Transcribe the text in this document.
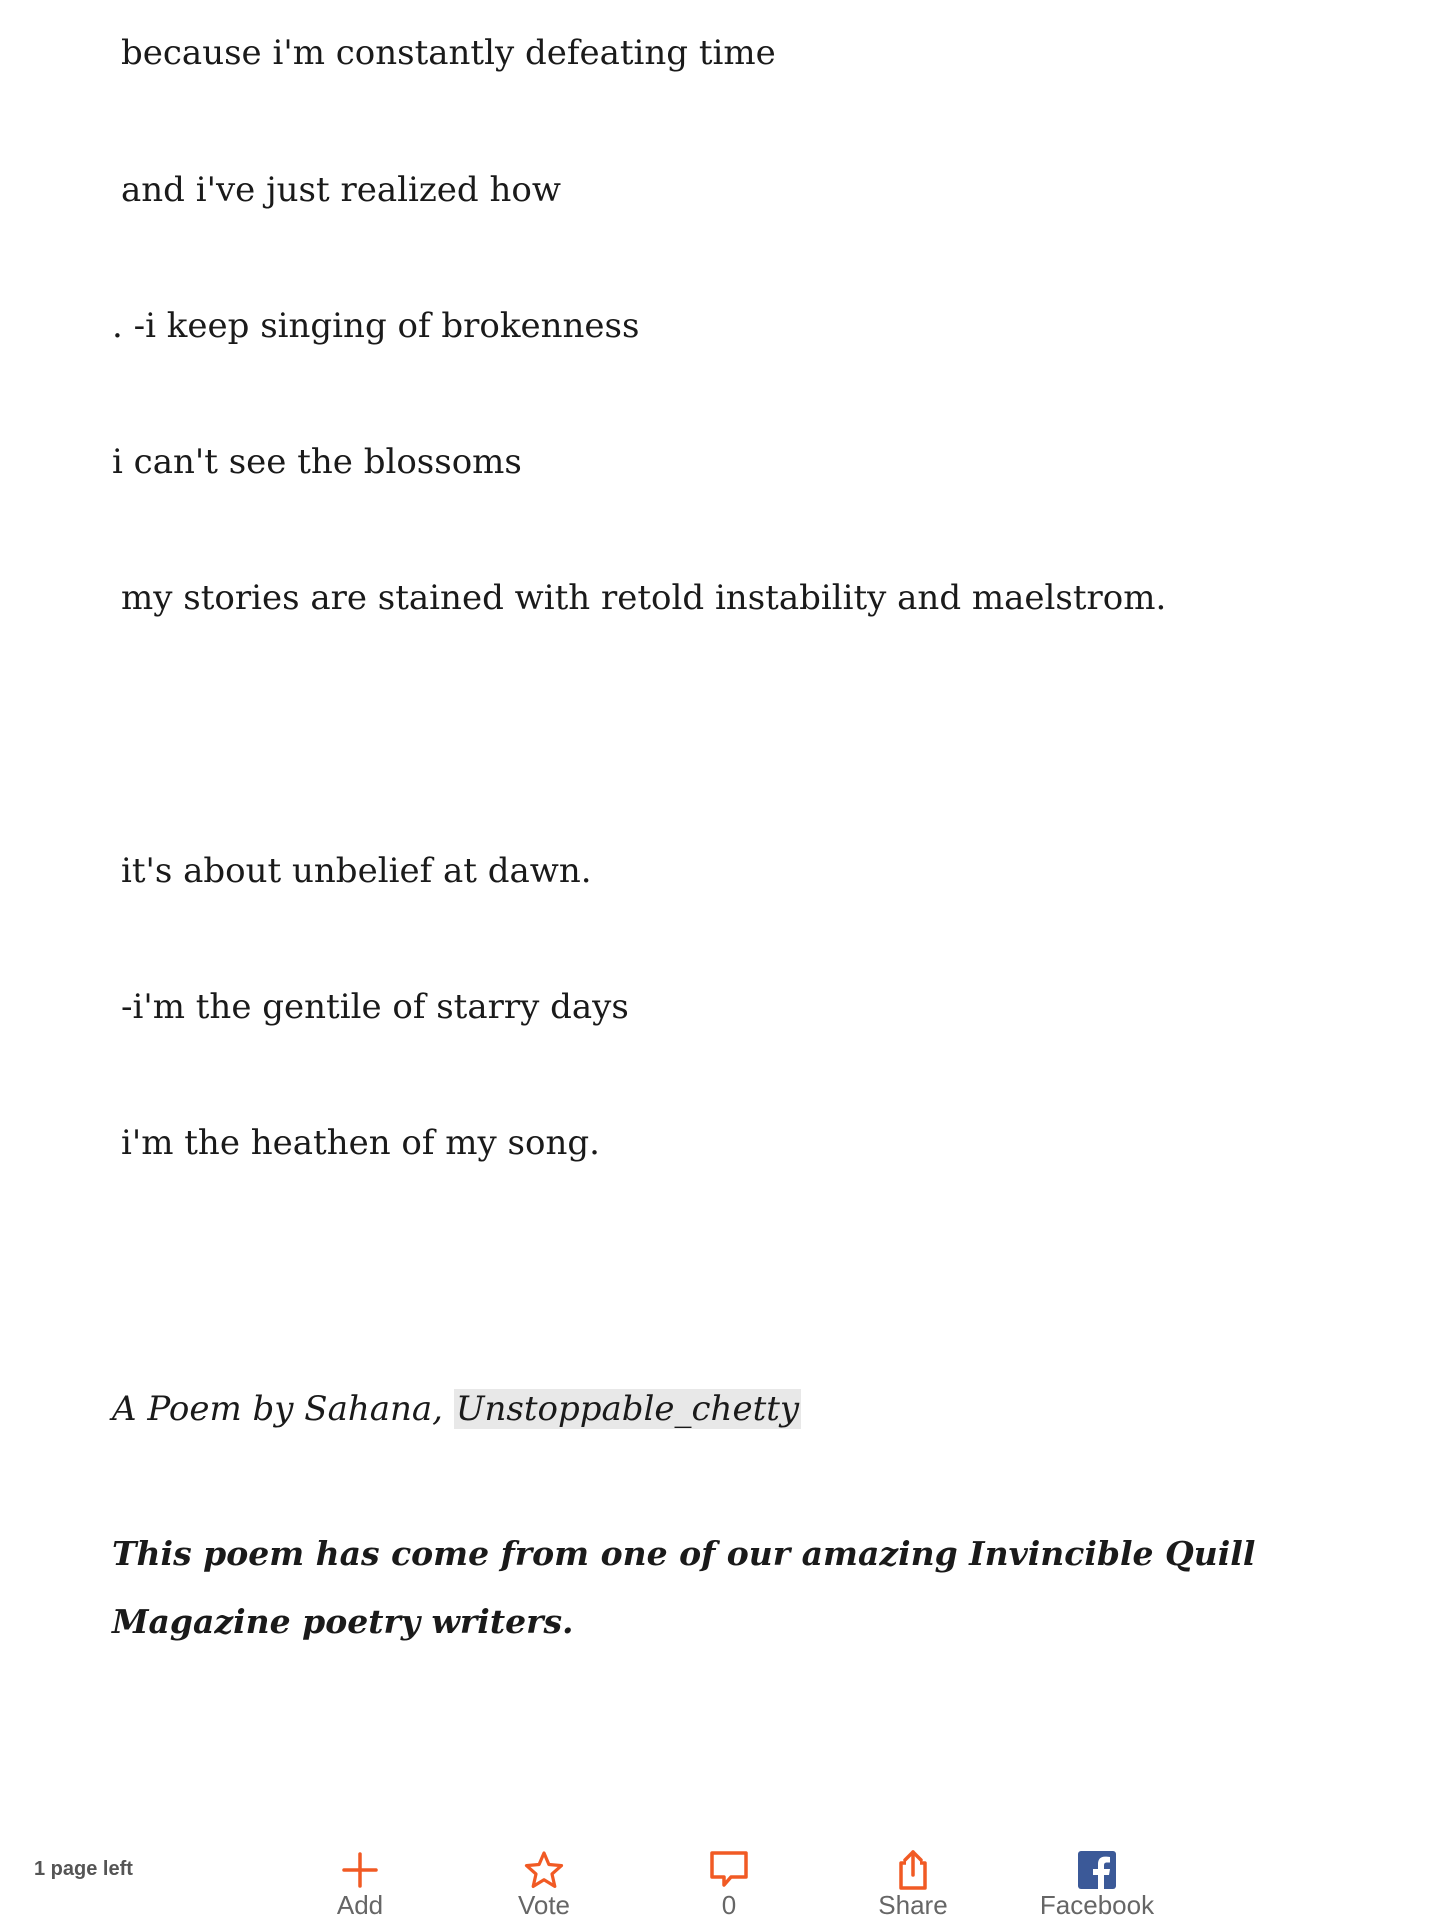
because i'm constantly defeating time
and i've just realized how
. -i keep singing of brokenness
i can't see the blossoms
my stories are stained with retold instability and maelstrom.
it's about unbelief at dawn.
-i'm the gentile of starry days
i'm the heathen of my song.
A Poem by Sahana, Unstoppable_chetty
This poem has come from one of our amazing Invincible Quill Magazine poetry writers.
1 page left
Add	Vote	0	Share	Facebook
